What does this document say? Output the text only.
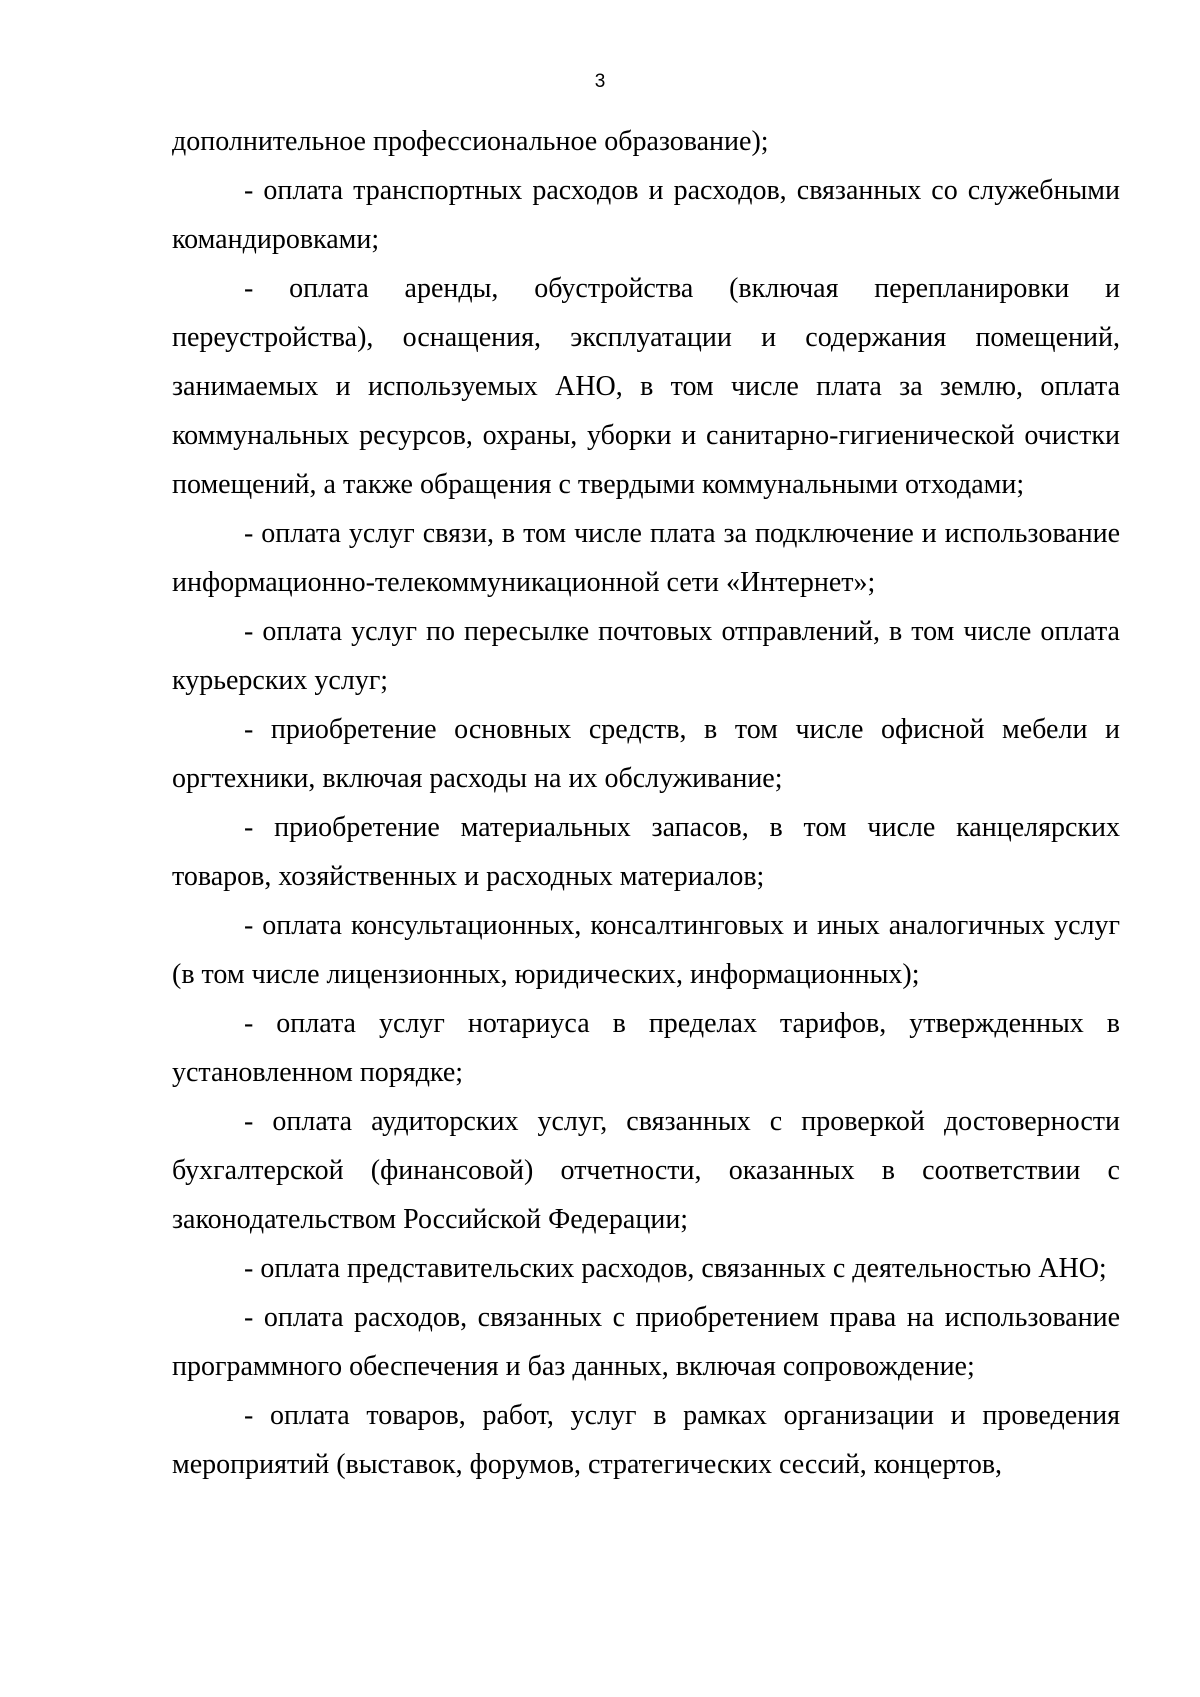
3

дополнительное профессиональное образование);

- оплата транспортных расходов и расходов, связанных со служебными командировками;

- оплата аренды, обустройства (включая перепланировки и переустройства), оснащения, эксплуатации и содержания помещений, занимаемых и используемых АНО, в том числе плата за землю, оплата коммунальных ресурсов, охраны, уборки и санитарно-гигиенической очистки помещений, а также обращения с твердыми коммунальными отходами;

- оплата услуг связи, в том числе плата за подключение и использование информационно-телекоммуникационной сети «Интернет»;

- оплата услуг по пересылке почтовых отправлений, в том числе оплата курьерских услуг;

- приобретение основных средств, в том числе офисной мебели и оргтехники, включая расходы на их обслуживание;

- приобретение материальных запасов, в том числе канцелярских товаров, хозяйственных и расходных материалов;

- оплата консультационных, консалтинговых и иных аналогичных услуг (в том числе лицензионных, юридических, информационных);

- оплата услуг нотариуса в пределах тарифов, утвержденных в установленном порядке;

- оплата аудиторских услуг, связанных с проверкой достоверности бухгалтерской (финансовой) отчетности, оказанных в соответствии с законодательством Российской Федерации;

- оплата представительских расходов, связанных с деятельностью АНО;

- оплата расходов, связанных с приобретением права на использование программного обеспечения и баз данных, включая сопровождение;

- оплата товаров, работ, услуг в рамках организации и проведения мероприятий (выставок, форумов, стратегических сессий, концертов,
